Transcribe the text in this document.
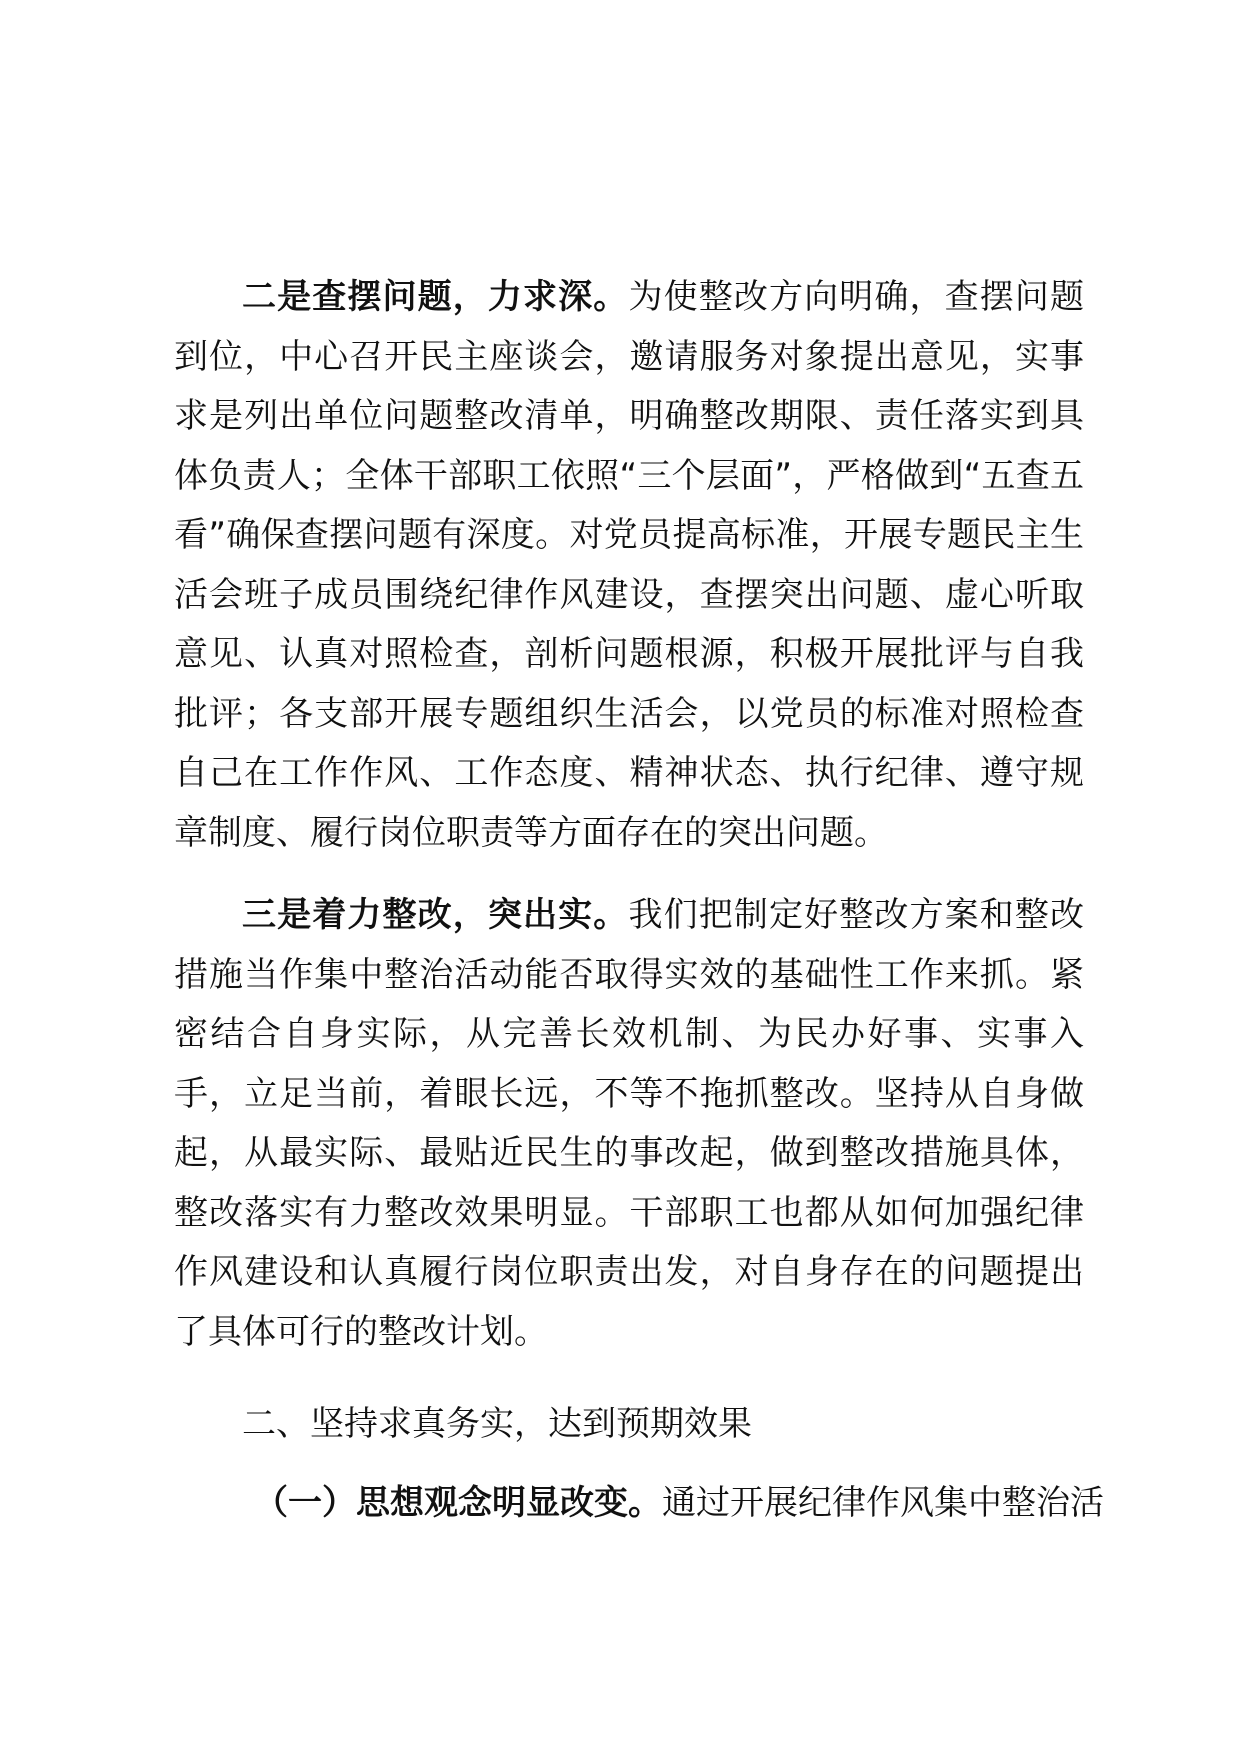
二是查摆问题，力求深。为使整改方向明确，查摆问题到位，中心召开民主座谈会，邀请服务对象提出意见，实事求是列出单位问题整改清单，明确整改期限、责任落实到具体负责人；全体干部职工依照“三个层面”，严格做到“五查五看”确保查摆问题有深度。对党员提高标准，开展专题民主生活会班子成员围绕纪律作风建设，查摆突出问题、虚心听取意见、认真对照检查，剖析问题根源，积极开展批评与自我批评；各支部开展专题组织生活会，以党员的标准对照检查自己在工作作风、工作态度、精神状态、执行纪律、遵守规章制度、履行岗位职责等方面存在的突出问题。

三是着力整改，突出实。我们把制定好整改方案和整改措施当作集中整治活动能否取得实效的基础性工作来抓。紧密结合自身实际，从完善长效机制、为民办好事、实事入手，立足当前，着眼长远，不等不拖抓整改。坚持从自身做起，从最实际、最贴近民生的事改起，做到整改措施具体，整改落实有力整改效果明显。干部职工也都从如何加强纪律作风建设和认真履行岗位职责出发，对自身存在的问题提出了具体可行的整改计划。

二、坚持求真务实，达到预期效果

（一）思想观念明显改变。通过开展纪律作风集中整治活
